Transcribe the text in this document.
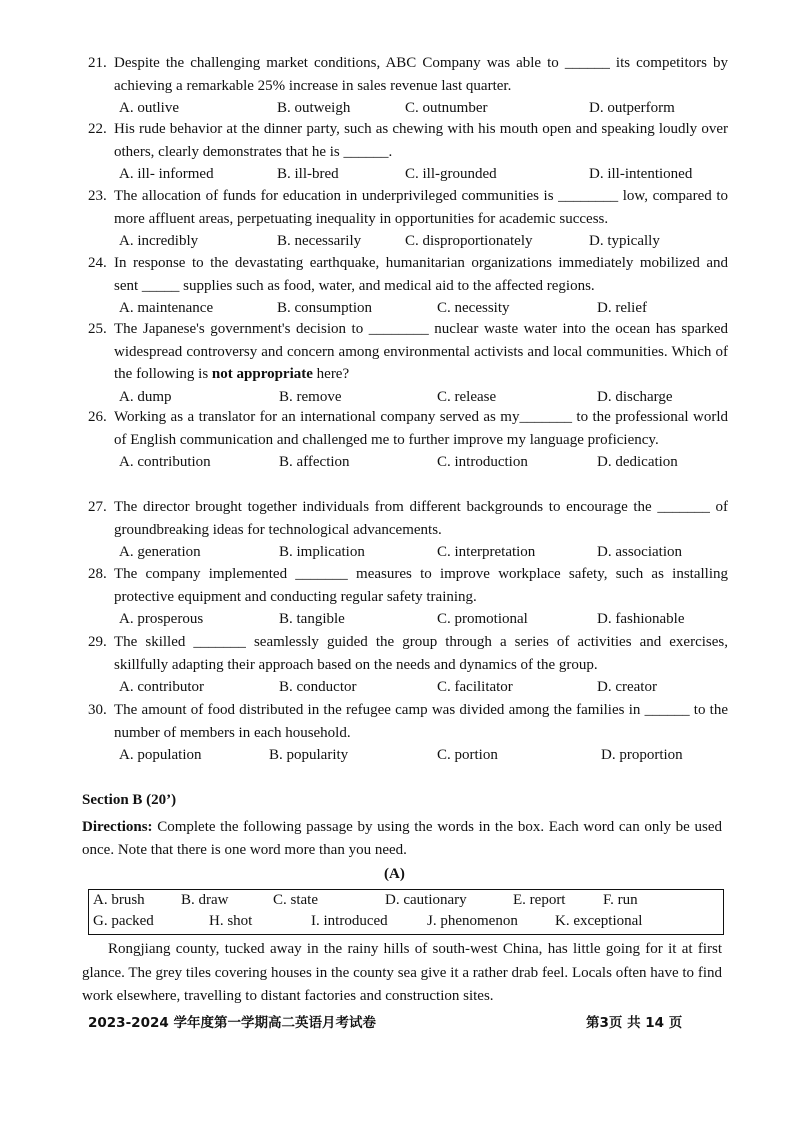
21. Despite the challenging market conditions, ABC Company was able to ______ its competitors by achieving a remarkable 25% increase in sales revenue last quarter.
A. outlive	B. outweigh	C. outnumber	D. outperform
22. His rude behavior at the dinner party, such as chewing with his mouth open and speaking loudly over others, clearly demonstrates that he is ______.
A. ill- informed	B. ill-bred	C. ill-grounded	D. ill-intentioned
23. The allocation of funds for education in underprivileged communities is ________ low, compared to more affluent areas, perpetuating inequality in opportunities for academic success.
A. incredibly	B. necessarily	C. disproportionately	D. typically
24. In response to the devastating earthquake, humanitarian organizations immediately mobilized and sent _____ supplies such as food, water, and medical aid to the affected regions.
A. maintenance	B. consumption	C. necessity	D. relief
25. The Japanese's government's decision to ________ nuclear waste water into the ocean has sparked widespread controversy and concern among environmental activists and local communities. Which of the following is not appropriate here?
A. dump	B. remove	C. release	D. discharge
26. Working as a translator for an international company served as my_______ to the professional world of English communication and challenged me to further improve my language proficiency.
A. contribution	B. affection	C. introduction	D. dedication
27. The director brought together individuals from different backgrounds to encourage the _______ of groundbreaking ideas for technological advancements.
A. generation	B. implication	C. interpretation	D. association
28. The company implemented _______ measures to improve workplace safety, such as installing protective equipment and conducting regular safety training.
A. prosperous	B. tangible	C. promotional	D. fashionable
29. The skilled _______ seamlessly guided the group through a series of activities and exercises, skillfully adapting their approach based on the needs and dynamics of the group.
A. contributor	B. conductor	C. facilitator	D. creator
30. The amount of food distributed in the refugee camp was divided among the families in ______ to the number of members in each household.
A. population	B. popularity	C. portion	D. proportion
Section B (20’)
Directions: Complete the following passage by using the words in the box. Each word can only be used once. Note that there is one word more than you need.
(A)
A. brush B. draw	C. state	D. cautionary	E. report	F. run
G. packed	H. shot	I. introduced	J. phenomenon K. exceptional
Rongjiang county, tucked away in the rainy hills of south-west China, has little going for it at first glance. The grey tiles covering houses in the county sea give it a rather drab feel. Locals often have to find work elsewhere, travelling to distant factories and construction sites.
2023-2024 学年度第一学期高二英语月考试卷	第3页 共 14 页
